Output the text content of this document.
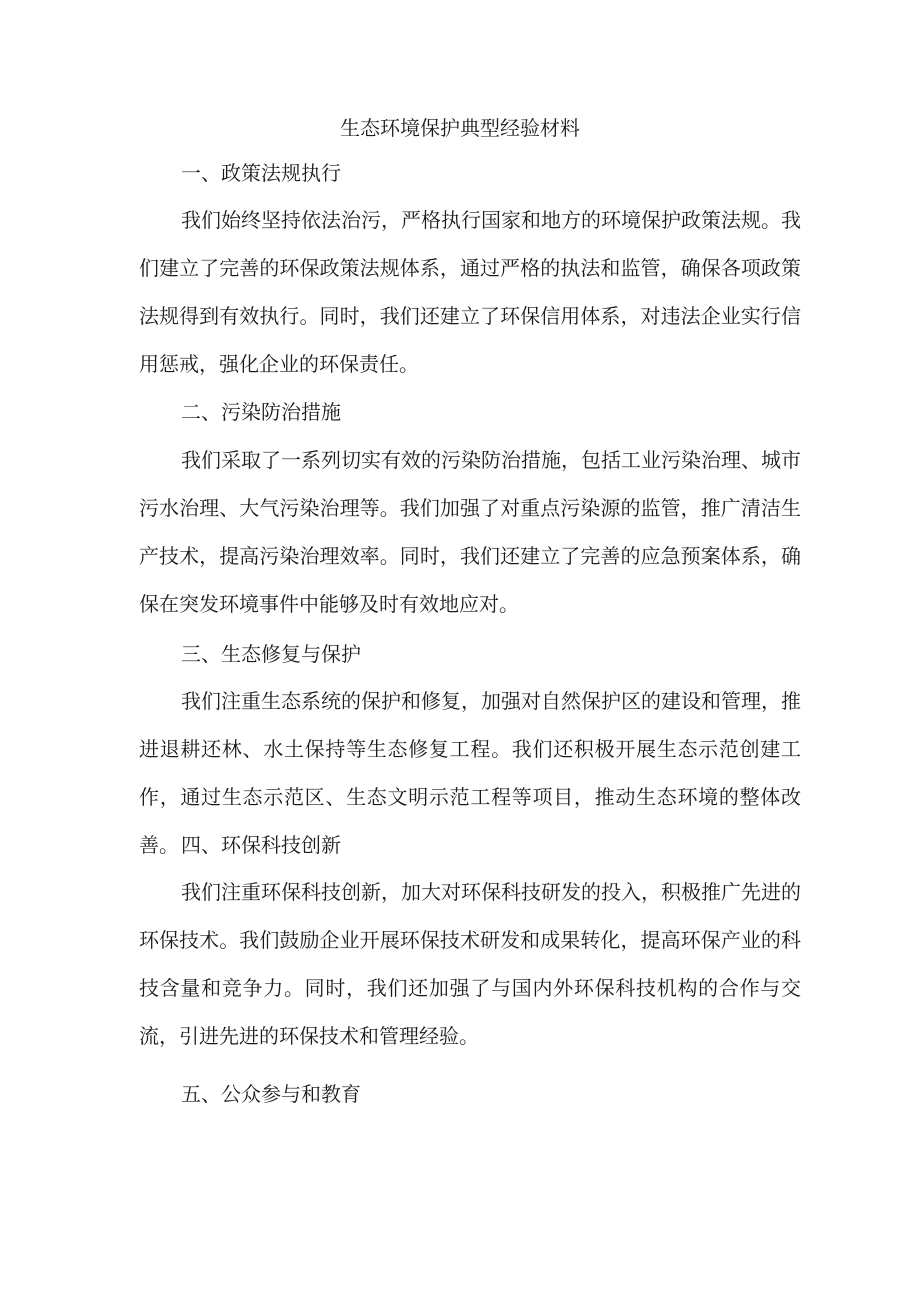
生态环境保护典型经验材料
一、政策法规执行

我们始终坚持依法治污，严格执行国家和地方的环境保护政策法规。我们建立了完善的环保政策法规体系，通过严格的执法和监管，确保各项政策法规得到有效执行。同时，我们还建立了环保信用体系，对违法企业实行信用惩戒，强化企业的环保责任。

二、污染防治措施

我们采取了一系列切实有效的污染防治措施，包括工业污染治理、城市污水治理、大气污染治理等。我们加强了对重点污染源的监管，推广清洁生产技术，提高污染治理效率。同时，我们还建立了完善的应急预案体系，确保在突发环境事件中能够及时有效地应对。

三、生态修复与保护

我们注重生态系统的保护和修复，加强对自然保护区的建设和管理，推进退耕还林、水土保持等生态修复工程。我们还积极开展生态示范创建工作，通过生态示范区、生态文明示范工程等项目，推动生态环境的整体改善。 四、环保科技创新

我们注重环保科技创新，加大对环保科技研发的投入，积极推广先进的环保技术。我们鼓励企业开展环保技术研发和成果转化，提高环保产业的科技含量和竞争力。同时，我们还加强了与国内外环保科技机构的合作与交流，引进先进的环保技术和管理经验。

五、公众参与和教育
